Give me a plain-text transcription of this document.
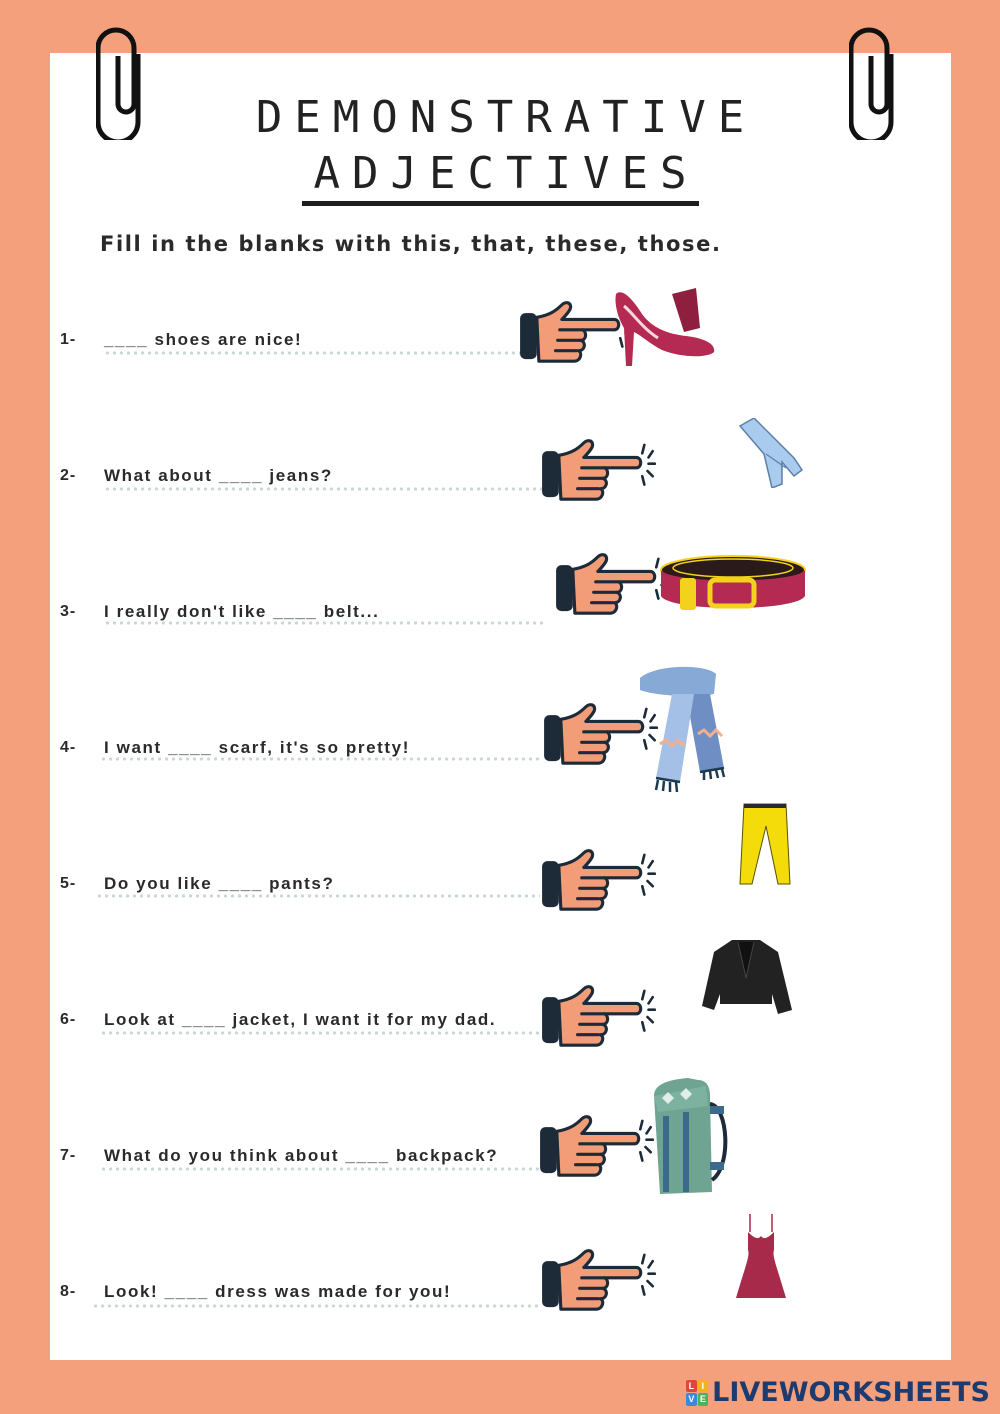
DEMONSTRATIVE
ADJECTIVES
Fill in the blanks with this, that, these, those.
1- ____ shoes are nice!
2- What about ____ jeans?
3- I really don't like ____ belt...
4- I want ____ scarf, it's so pretty!
5- Do you like ____ pants?
6- Look at ____ jacket, I want it for my dad.
7- What do you think about ____ backpack?
8- Look! ____ dress was made for you!
L I
V E LIVEWORKSHEETS
